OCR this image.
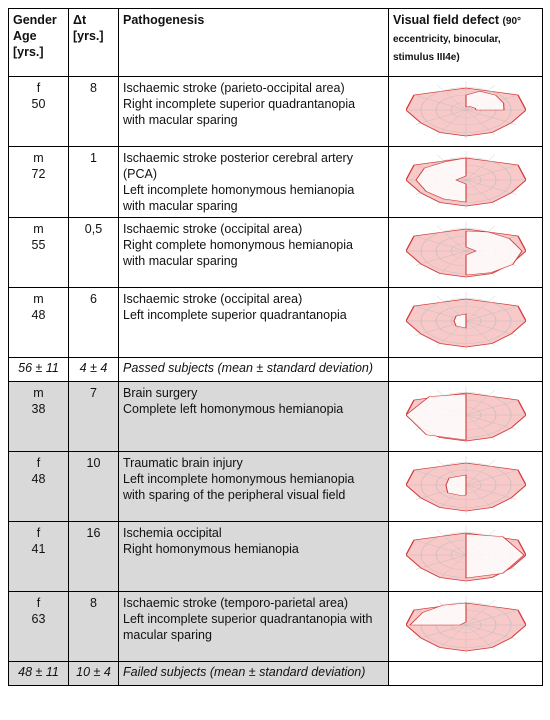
Gender
Age
[yrs.]	Δt
[yrs.]	Pathogenesis	Visual field defect (90°
eccentricity, binocular,
stimulus III4e)

f
50	8	Ischaemic stroke (parieto-occipital area)
Right incomplete superior quadrantanopia
with macular sparing

m
72	1	Ischaemic stroke posterior cerebral artery
(PCA)
Left incomplete homonymous hemianopia
with macular sparing

m
55	0,5	Ischaemic stroke (occipital area)
Right complete homonymous hemianopia
with macular sparing

m
48	6	Ischaemic stroke (occipital area)
Left incomplete superior quadrantanopia

56 ± 11	4 ± 4	Passed subjects (mean ± standard deviation)	

m
38	7	Brain surgery
Complete left homonymous hemianopia

f
48	10	Traumatic brain injury
Left incomplete homonymous hemianopia
with sparing of the peripheral visual field

f
41	16	Ischemia occipital
Right homonymous hemianopia

f
63	8	Ischaemic stroke (temporo-parietal area)
Left incomplete superior quadrantanopia with
macular sparing

48 ± 11	10 ± 4	Failed subjects (mean ± standard deviation)	
